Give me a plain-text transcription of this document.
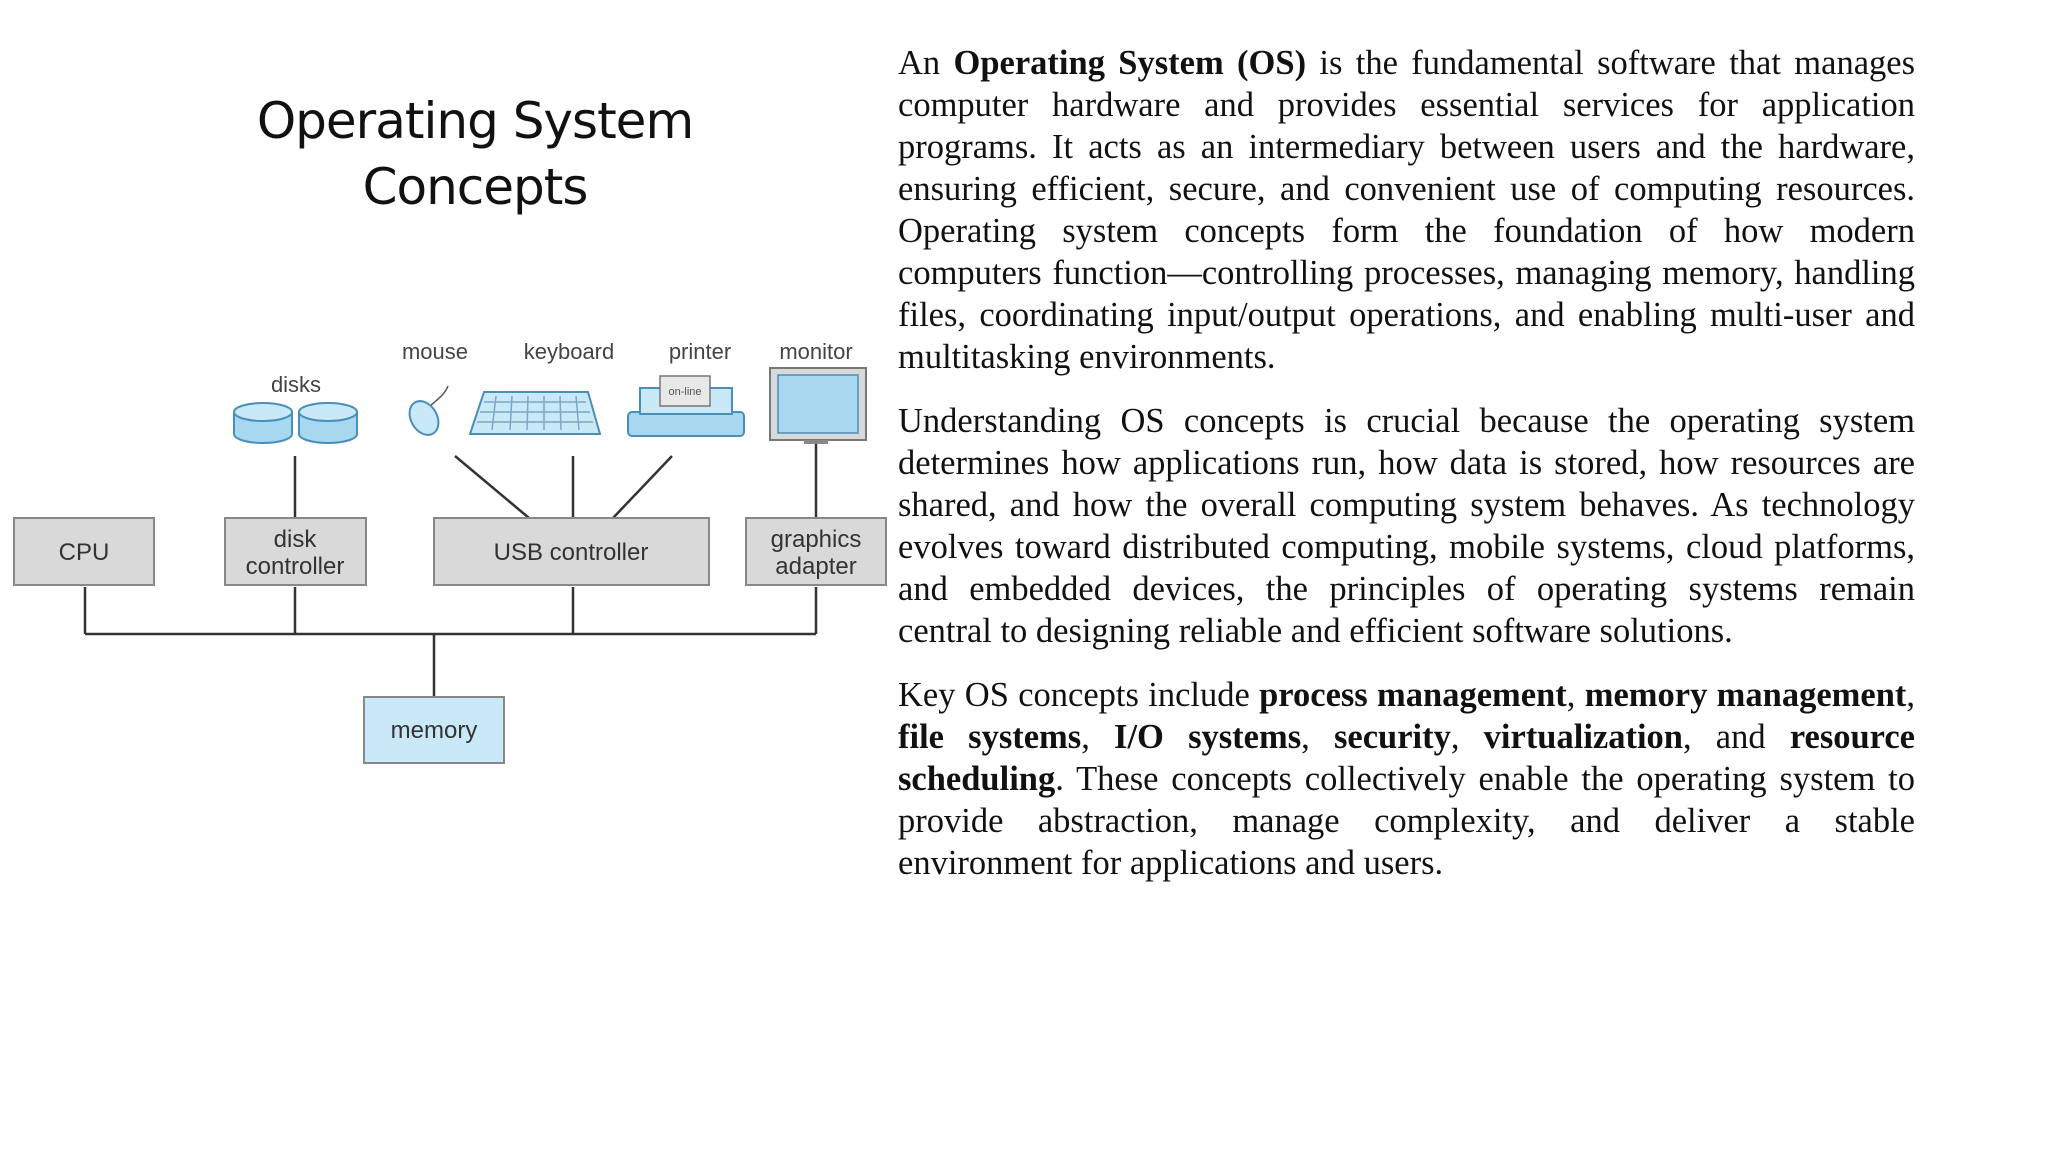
Operating System
Concepts
CPU	disk
controller
USB controller	graphics
adapter
memory
disks
mouse	keyboard printer
on-line
monitor

An Operating System (OS) is the fundamental software that manages computer hardware and provides essential services for application programs. It acts as an intermediary between users and the hardware, ensuring efficient, secure, and convenient use of computing resources. Operating system concepts form the foundation of how modern computers function—controlling processes, managing memory, handling files, coordinating input/output operations, and enabling multi-user and multitasking environments.

Understanding OS concepts is crucial because the operating system determines how applications run, how data is stored, how resources are shared, and how the overall computing system behaves. As technology evolves toward distributed computing, mobile systems, cloud platforms, and embedded devices, the principles of operating systems remain central to designing reliable and efficient software solutions.

Key OS concepts include process management, memory management, file systems, I/O systems, security, virtualization, and resource scheduling. These concepts collectively enable the operating system to provide abstraction, manage complexity, and deliver a stable environment for applications and users.
